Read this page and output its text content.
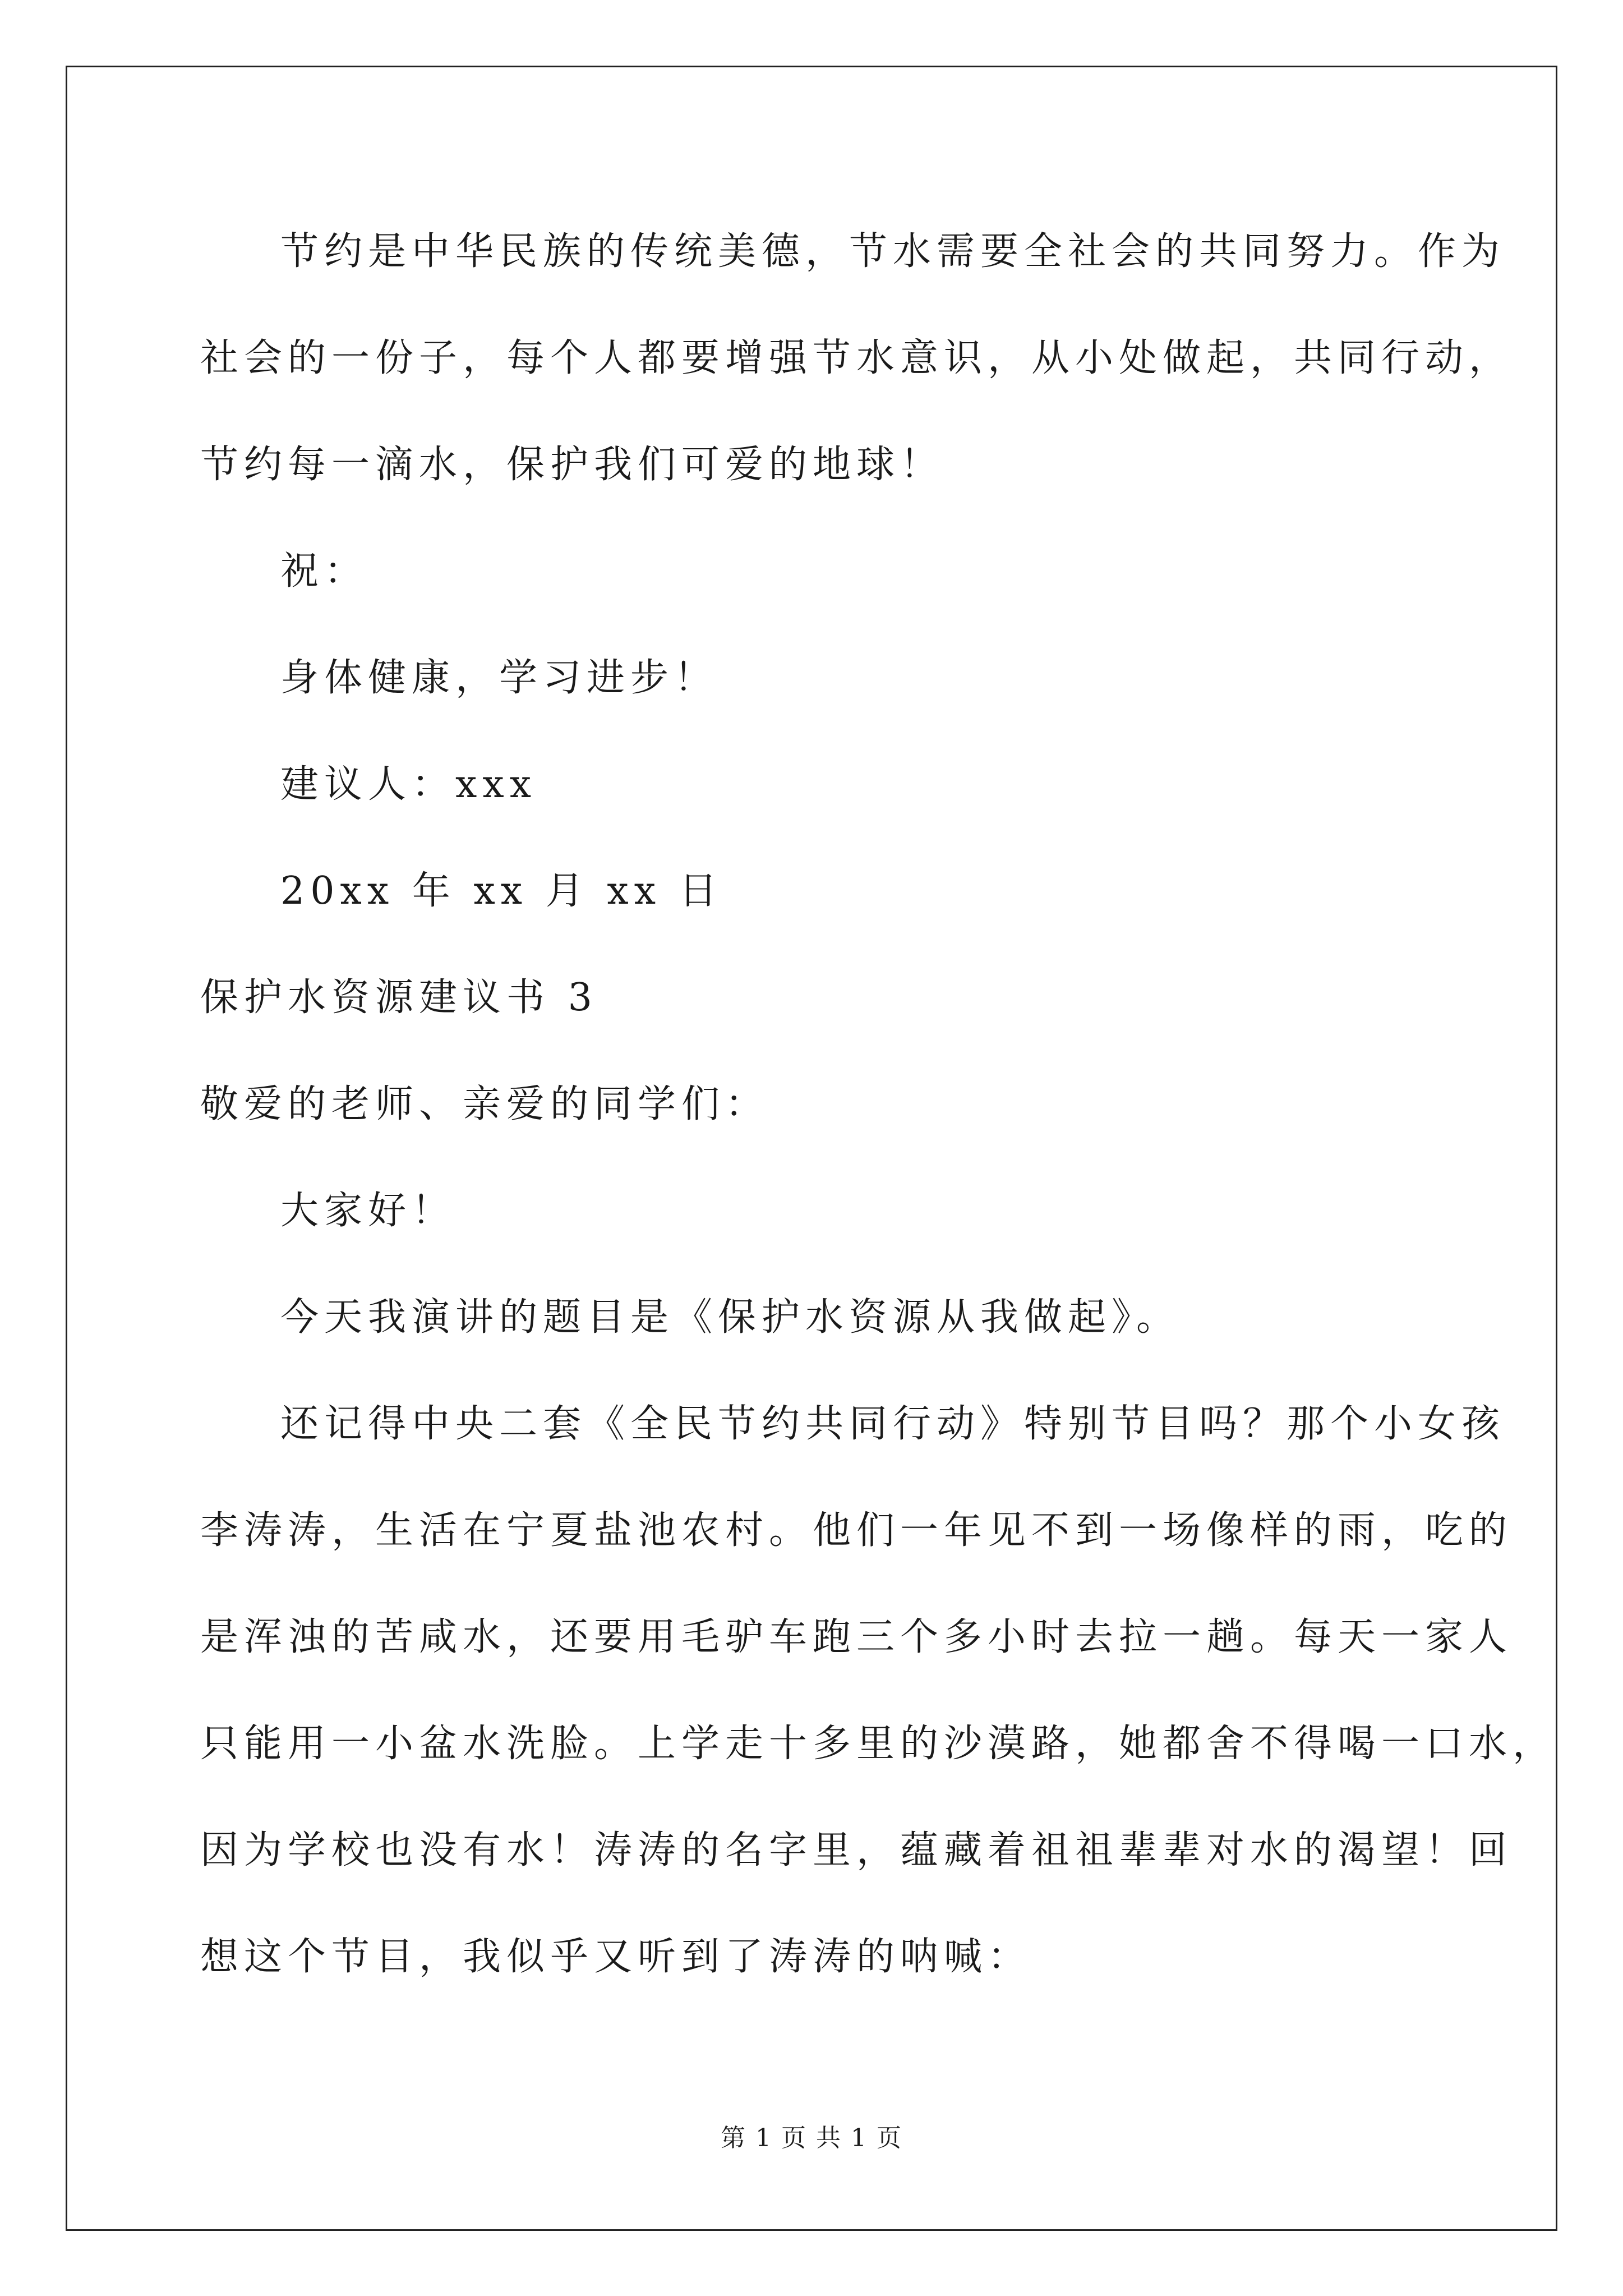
节约是中华民族的传统美德，节水需要全社会的共同努力。作为
社会的一份子，每个人都要增强节水意识，从小处做起，共同行动，
节约每一滴水，保护我们可爱的地球！
祝：
身体健康，学习进步！
建议人：xxx
20xx 年 xx 月 xx 日
保护水资源建议书 3
敬爱的老师、亲爱的同学们：
大家好！
今天我演讲的题目是《保护水资源从我做起》。
还记得中央二套《全民节约共同行动》特别节目吗？那个小女孩
李涛涛，生活在宁夏盐池农村。他们一年见不到一场像样的雨，吃的
是浑浊的苦咸水，还要用毛驴车跑三个多小时去拉一趟。每天一家人
只能用一小盆水洗脸。上学走十多里的沙漠路，她都舍不得喝一口水，
因为学校也没有水！涛涛的名字里，蕴藏着祖祖辈辈对水的渴望！回
想这个节目，我似乎又听到了涛涛的呐喊：
第 1 页 共 1 页
